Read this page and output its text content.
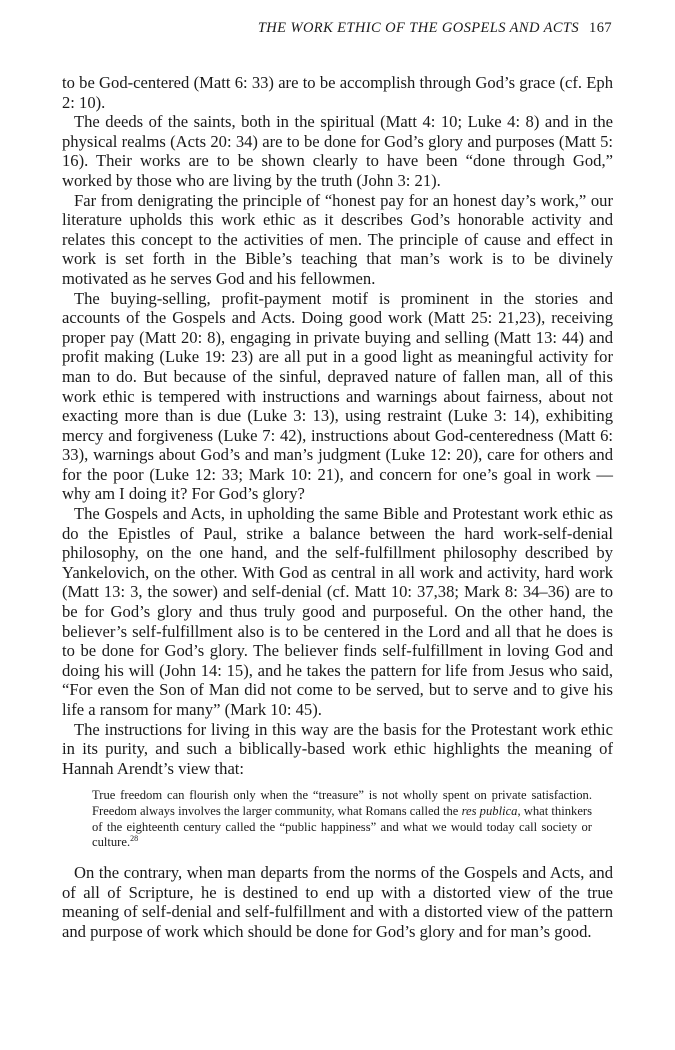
THE WORK ETHIC OF THE GOSPELS AND ACTS 167

to be God-centered (Matt 6: 33) are to be accomplish through God’s grace (cf. Eph 2: 10).

The deeds of the saints, both in the spiritual (Matt 4: 10; Luke 4: 8) and in the physical realms (Acts 20: 34) are to be done for God’s glory and purposes (Matt 5: 16). Their works are to be shown clearly to have been “done through God,” worked by those who are living by the truth (John 3: 21).

Far from denigrating the principle of “honest pay for an honest day’s work,” our literature upholds this work ethic as it describes God’s honorable activity and relates this concept to the activities of men. The principle of cause and effect in work is set forth in the Bible’s teaching that man’s work is to be divinely motivated as he serves God and his fellowmen.

The buying-selling, profit-payment motif is prominent in the stories and accounts of the Gospels and Acts. Doing good work (Matt 25: 21,23), receiving proper pay (Matt 20: 8), engaging in private buying and selling (Matt 13: 44) and profit making (Luke 19: 23) are all put in a good light as meaningful activity for man to do. But because of the sinful, depraved nature of fallen man, all of this work ethic is tempered with instructions and warnings about fairness, about not exacting more than is due (Luke 3: 13), using restraint (Luke 3: 14), exhibiting mercy and forgiveness (Luke 7: 42), instructions about God-centeredness (Matt 6: 33), warnings about God’s and man’s judgment (Luke 12: 20), care for others and for the poor (Luke 12: 33; Mark 10: 21), and concern for one’s goal in work — why am I doing it? For God’s glory?

The Gospels and Acts, in upholding the same Bible and Protestant work ethic as do the Epistles of Paul, strike a balance between the hard work-self-denial philosophy, on the one hand, and the self-fulfillment philosophy described by Yankelovich, on the other. With God as central in all work and activity, hard work (Matt 13: 3, the sower) and self-denial (cf. Matt 10: 37,38; Mark 8: 34–36) are to be for God’s glory and thus truly good and purposeful. On the other hand, the believer’s self-fulfillment also is to be centered in the Lord and all that he does is to be done for God’s glory. The believer finds self-fulfillment in loving God and doing his will (John 14: 15), and he takes the pattern for life from Jesus who said, “For even the Son of Man did not come to be served, but to serve and to give his life a ransom for many” (Mark 10: 45).

The instructions for living in this way are the basis for the Protestant work ethic in its purity, and such a biblically-based work ethic highlights the meaning of Hannah Arendt’s view that:

True freedom can flourish only when the “treasure” is not wholly spent on private satisfaction. Freedom always involves the larger community, what Romans called the res publica, what thinkers of the eighteenth century called the “public happiness” and what we would today call society or culture.$^{28}$

On the contrary, when man departs from the norms of the Gospels and Acts, and of all of Scripture, he is destined to end up with a distorted view of the true meaning of self-denial and self-fulfillment and with a distorted view of the pattern and purpose of work which should be done for God’s glory and for man’s good.
